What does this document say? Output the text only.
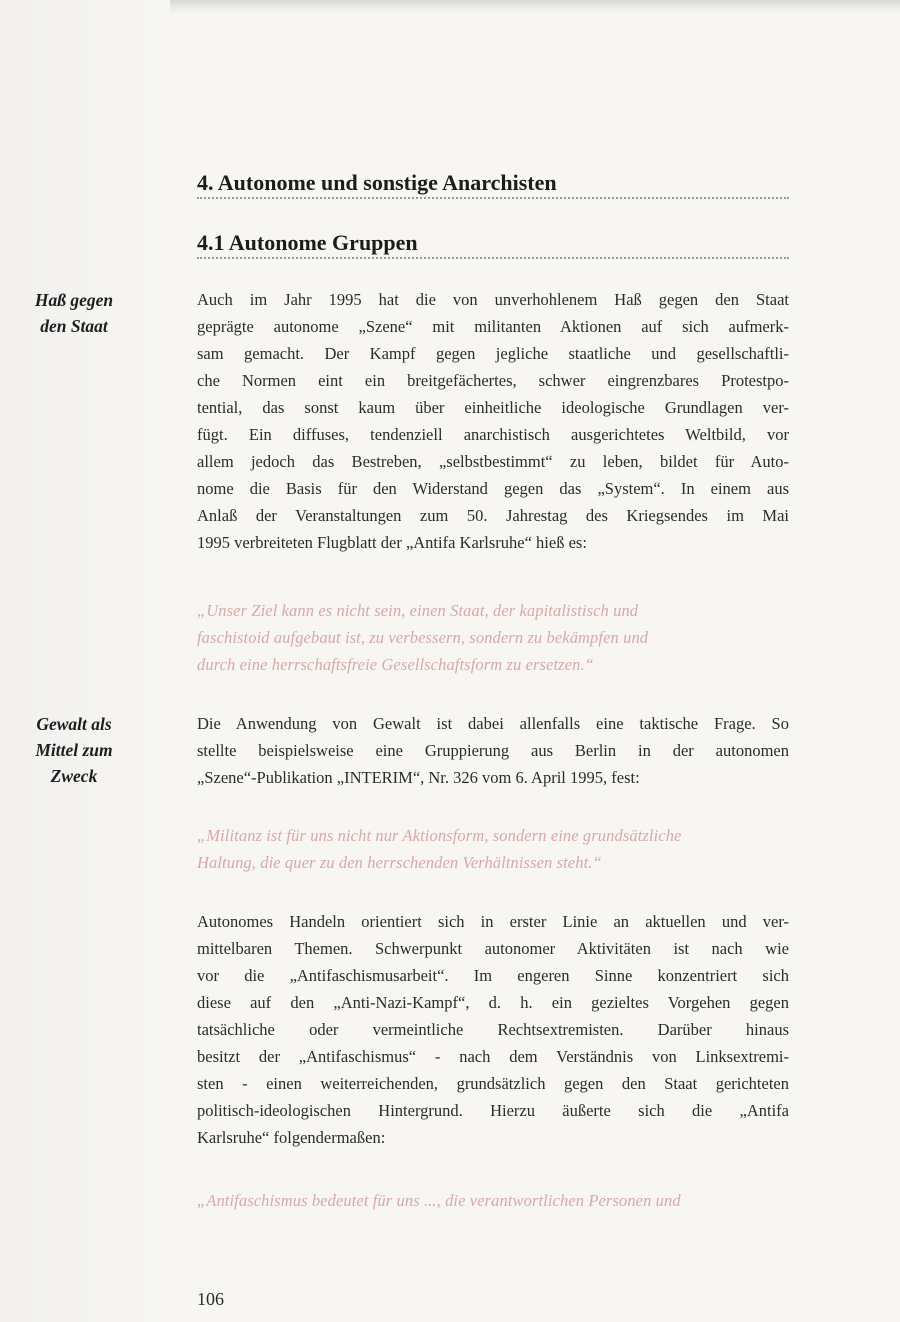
4. Autonome und sonstige Anarchisten
4.1 Autonome Gruppen
Haß gegen
den Staat
Auch im Jahr 1995 hat die von unverhohlenem Haß gegen den Staat
geprägte autonome „Szene“ mit militanten Aktionen auf sich aufmerk-
sam gemacht. Der Kampf gegen jegliche staatliche und gesellschaftli-
che Normen eint ein breitgefächertes, schwer eingrenzbares Protestpo-
tential, das sonst kaum über einheitliche ideologische Grundlagen ver-
fügt. Ein diffuses, tendenziell anarchistisch ausgerichtetes Weltbild, vor
allem jedoch das Bestreben, „selbstbestimmt“ zu leben, bildet für Auto-
nome die Basis für den Widerstand gegen das „System“. In einem aus
Anlaß der Veranstaltungen zum 50. Jahrestag des Kriegsendes im Mai
1995 verbreiteten Flugblatt der „Antifa Karlsruhe“ hieß es:
„Unser Ziel kann es nicht sein, einen Staat, der kapitalistisch und
faschistoid aufgebaut ist, zu verbessern, sondern zu bekämpfen und
durch eine herrschaftsfreie Gesellschaftsform zu ersetzen.“
Gewalt als
Mittel zum
Zweck
Die Anwendung von Gewalt ist dabei allenfalls eine taktische Frage. So
stellte beispielsweise eine Gruppierung aus Berlin in der autonomen
„Szene“-Publikation „INTERIM“, Nr. 326 vom 6. April 1995, fest:
„Militanz ist für uns nicht nur Aktionsform, sondern eine grundsätzliche
Haltung, die quer zu den herrschenden Verhältnissen steht.“
Autonomes Handeln orientiert sich in erster Linie an aktuellen und ver-
mittelbaren Themen. Schwerpunkt autonomer Aktivitäten ist nach wie
vor die „Antifaschismusarbeit“. Im engeren Sinne konzentriert sich
diese auf den „Anti-Nazi-Kampf“, d. h. ein gezieltes Vorgehen gegen
tatsächliche oder vermeintliche Rechtsextremisten. Darüber hinaus
besitzt der „Antifaschismus“ - nach dem Verständnis von Linksextremi-
sten - einen weiterreichenden, grundsätzlich gegen den Staat gerichteten
politisch-ideologischen Hintergrund. Hierzu äußerte sich die „Antifa
Karlsruhe“ folgendermaßen:
„Antifaschismus bedeutet für uns ..., die verantwortlichen Personen und
106
